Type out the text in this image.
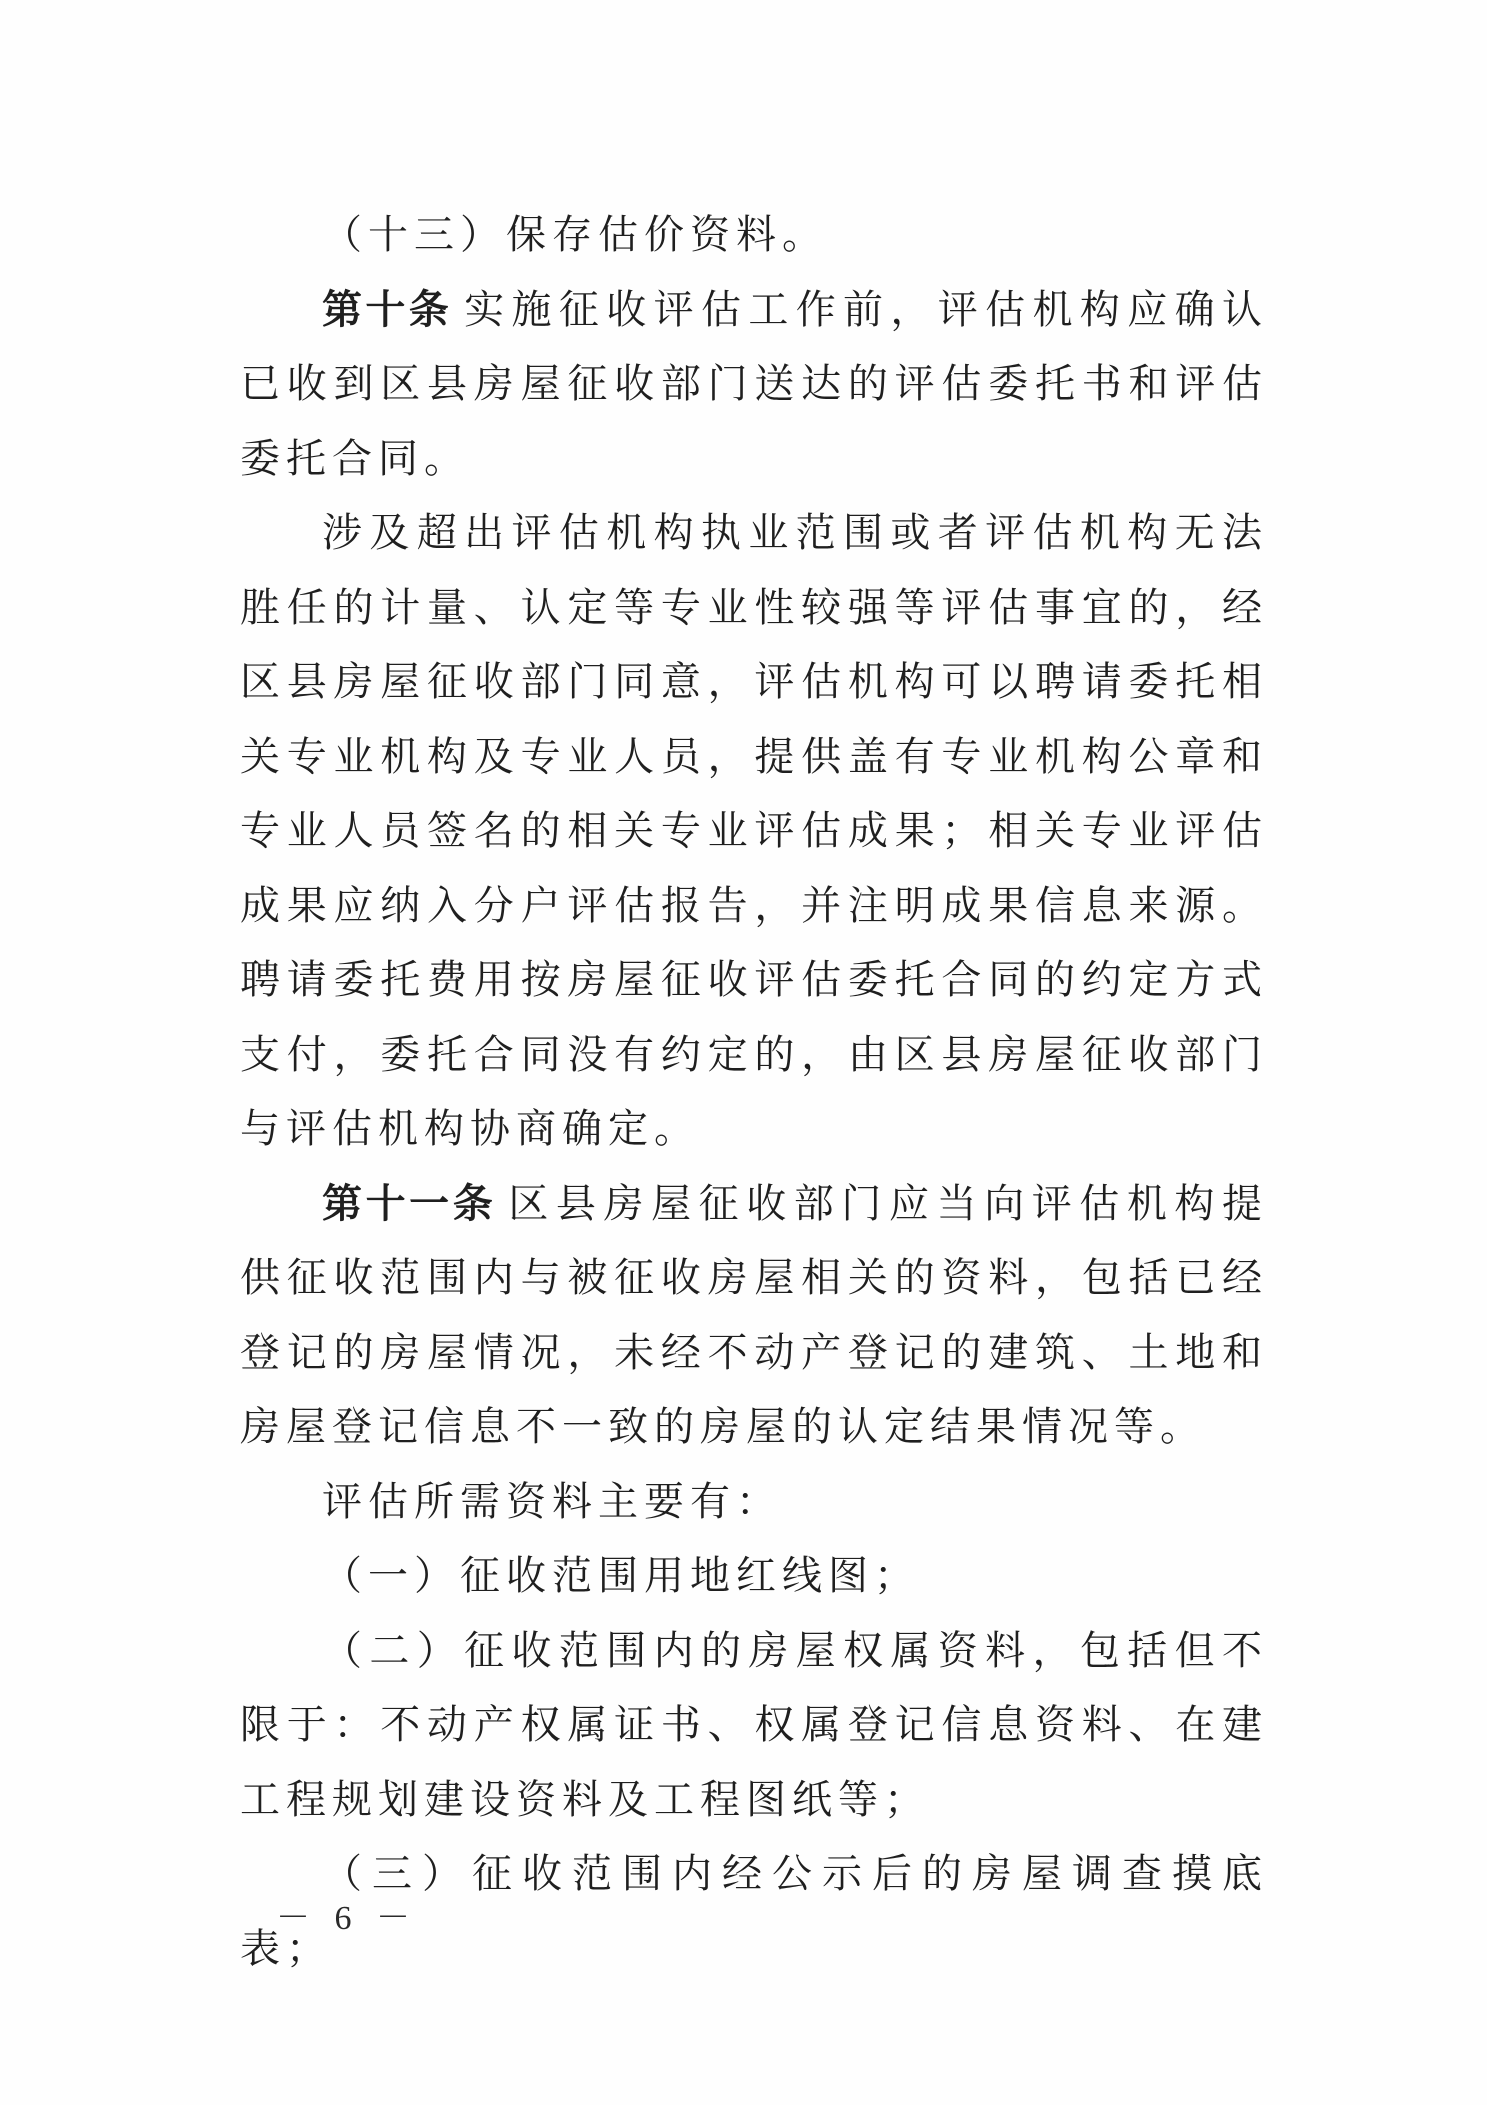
（十三）保存估价资料。

第十条 实施征收评估工作前，评估机构应确认已收到区县房屋征收部门送达的评估委托书和评估委托合同。

涉及超出评估机构执业范围或者评估机构无法胜任的计量、认定等专业性较强等评估事宜的，经区县房屋征收部门同意，评估机构可以聘请委托相关专业机构及专业人员，提供盖有专业机构公章和专业人员签名的相关专业评估成果；相关专业评估成果应纳入分户评估报告，并注明成果信息来源。聘请委托费用按房屋征收评估委托合同的约定方式支付，委托合同没有约定的，由区县房屋征收部门与评估机构协商确定。

第十一条 区县房屋征收部门应当向评估机构提供征收范围内与被征收房屋相关的资料，包括已经登记的房屋情况，未经不动产登记的建筑、土地和房屋登记信息不一致的房屋的认定结果情况等。

评估所需资料主要有：

（一）征收范围用地红线图；

（二）征收范围内的房屋权属资料，包括但不限于：不动产权属证书、权属登记信息资料、在建工程规划建设资料及工程图纸等；

（三）征收范围内经公示后的房屋调查摸底表；

－ 6 －
